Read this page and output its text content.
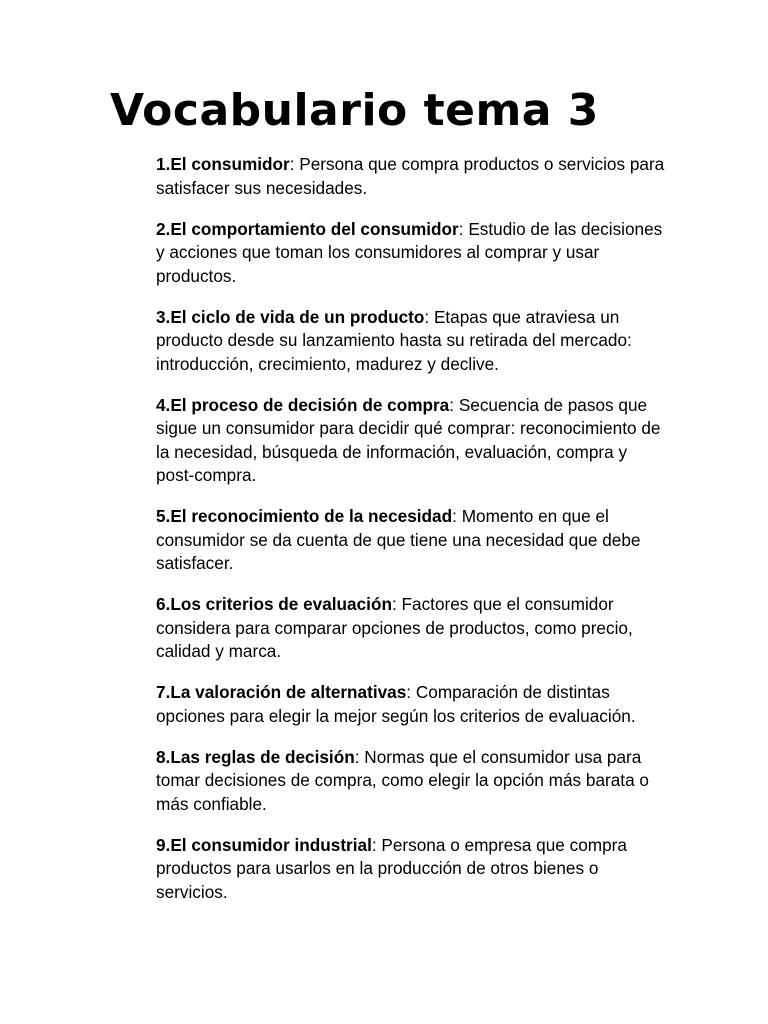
Vocabulario tema 3
1.El consumidor: Persona que compra productos o servicios para satisfacer sus necesidades.
2.El comportamiento del consumidor: Estudio de las decisiones y acciones que toman los consumidores al comprar y usar productos.
3.El ciclo de vida de un producto: Etapas que atraviesa un producto desde su lanzamiento hasta su retirada del mercado: introducción, crecimiento, madurez y declive.
4.El proceso de decisión de compra: Secuencia de pasos que sigue un consumidor para decidir qué comprar: reconocimiento de la necesidad, búsqueda de información, evaluación, compra y post-compra.
5.El reconocimiento de la necesidad: Momento en que el consumidor se da cuenta de que tiene una necesidad que debe satisfacer.
6.Los criterios de evaluación: Factores que el consumidor considera para comparar opciones de productos, como precio, calidad y marca.
7.La valoración de alternativas: Comparación de distintas opciones para elegir la mejor según los criterios de evaluación.
8.Las reglas de decisión: Normas que el consumidor usa para tomar decisiones de compra, como elegir la opción más barata o más confiable.
9.El consumidor industrial: Persona o empresa que compra productos para usarlos en la producción de otros bienes o servicios.
